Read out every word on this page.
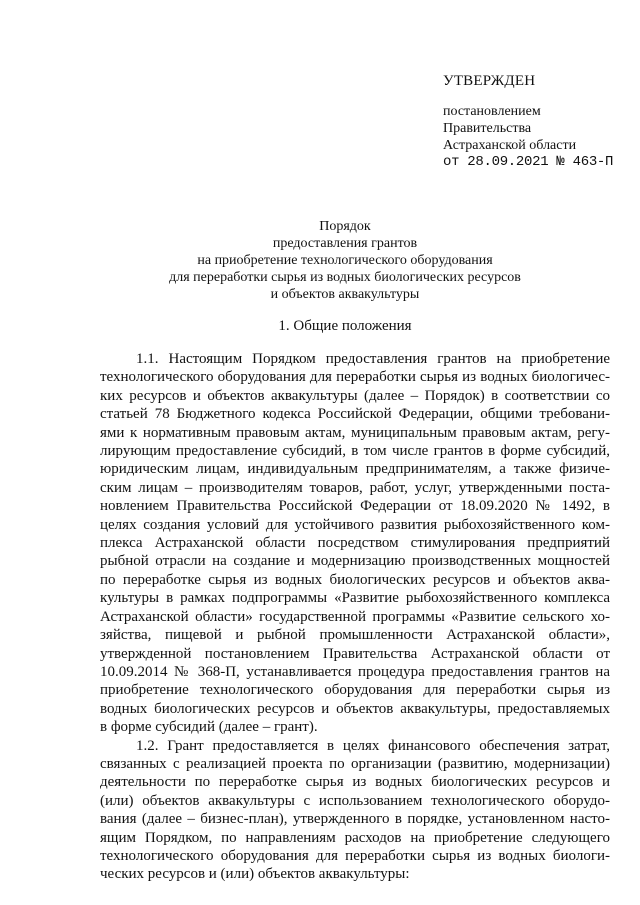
УТВЕРЖДЕН
постановлением
Правительства
Астраханской области
от 28.09.2021 № 463-П
Порядок
предоставления грантов
на приобретение технологического оборудования
для переработки сырья из водных биологических ресурсов
и объектов аквакультуры
1. Общие положения
1.1. Настоящим Порядком предоставления грантов на приобретение
технологического оборудования для переработки сырья из водных биологичес-
ких ресурсов и объектов аквакультуры (далее – Порядок) в соответствии со
статьей 78 Бюджетного кодекса Российской Федерации, общими требовани-
ями к нормативным правовым актам, муниципальным правовым актам, регу-
лирующим предоставление субсидий, в том числе грантов в форме субсидий,
юридическим лицам, индивидуальным предпринимателям, а также физиче-
ским лицам – производителям товаров, работ, услуг, утвержденными поста-
новлением Правительства Российской Федерации от 18.09.2020 № 1492, в
целях создания условий для устойчивого развития рыбохозяйственного ком-
плекса Астраханской области посредством стимулирования предприятий
рыбной отрасли на создание и модернизацию производственных мощностей
по переработке сырья из водных биологических ресурсов и объектов аква-
культуры в рамках подпрограммы «Развитие рыбохозяйственного комплекса
Астраханской области» государственной программы «Развитие сельского хо-
зяйства, пищевой и рыбной промышленности Астраханской области»,
утвержденной постановлением Правительства Астраханской области от
10.09.2014 № 368-П, устанавливается процедура предоставления грантов на
приобретение технологического оборудования для переработки сырья из
водных биологических ресурсов и объектов аквакультуры, предоставляемых
в форме субсидий (далее – грант).
1.2. Грант предоставляется в целях финансового обеспечения затрат,
связанных с реализацией проекта по организации (развитию, модернизации)
деятельности по переработке сырья из водных биологических ресурсов и
(или) объектов аквакультуры с использованием технологического оборудо-
вания (далее – бизнес-план), утвержденного в порядке, установленном насто-
ящим Порядком, по направлениям расходов на приобретение следующего
технологического оборудования для переработки сырья из водных биологи-
ческих ресурсов и (или) объектов аквакультуры:
